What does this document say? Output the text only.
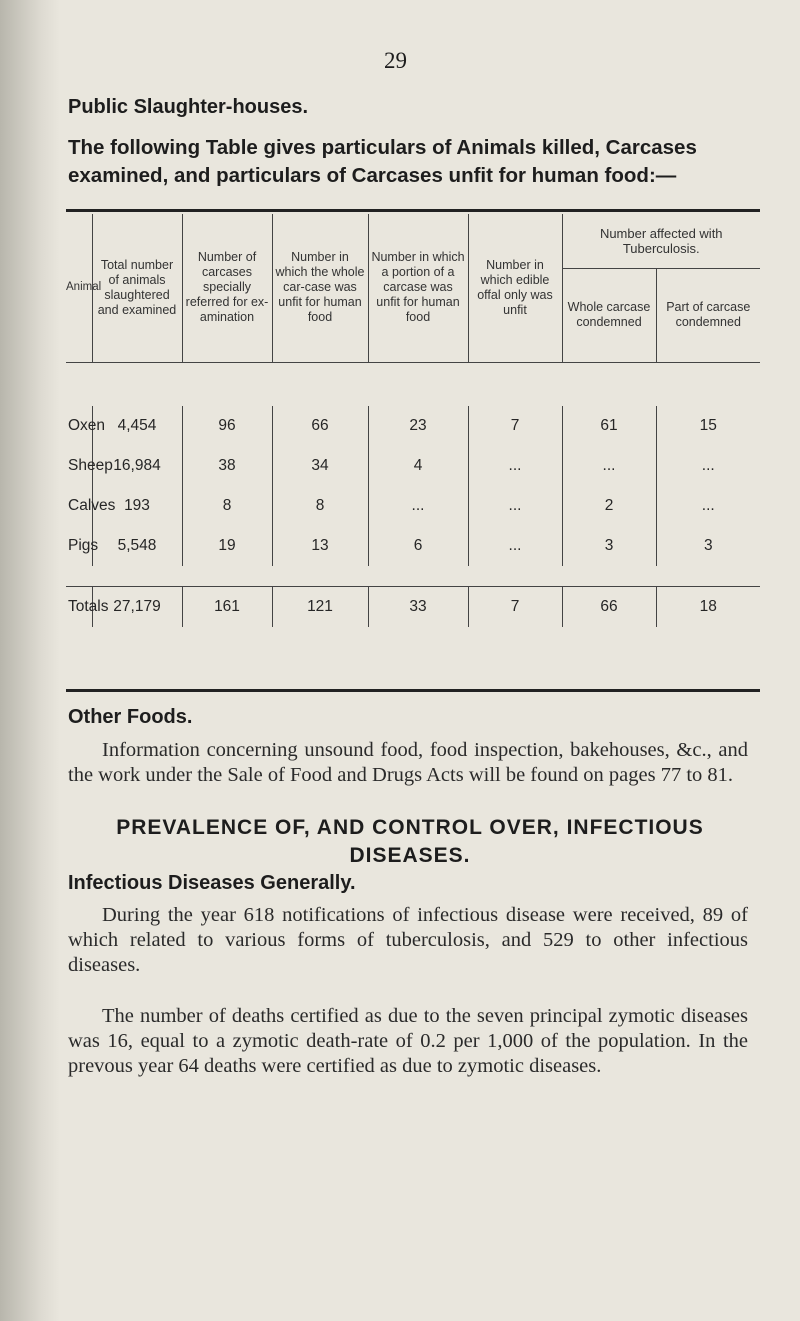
29
Public Slaughter-houses.
The following Table gives particulars of Animals killed, Carcases examined, and particulars of Carcases unfit for human food:—
Animal	Total number of animals slaughtered and examined	Number of carcases specially referred for ex-amination	Number in which the whole car-case was unfit for human food	Number in which a portion of a carcase was unfit for human food	Number in which edible offal only was unfit	Number affected with Tuberculosis.	
						Whole carcase condemned	Part of carcase condemned

Oxen	4,454	96	66	23	7	61	15
Sheep	16,984	38	34	4	...	...	...
Calves	193	8	8	...	...	2	...
Pigs	5,548	19	13	6	...	3	3

Totals	27,179	161	121	33	7	66	18
Other Foods.

Information concerning unsound food, food inspection, bakehouses, &c., and the work under the Sale of Food and Drugs Acts will be found on pages 77 to 81.

PREVALENCE OF, AND CONTROL OVER, INFECTIOUS DISEASES.
Infectious Diseases Generally.

During the year 618 notifications of infectious disease were received, 89 of which related to various forms of tuberculosis, and 529 to other infectious diseases.

The number of deaths certified as due to the seven principal zymotic diseases was 16, equal to a zymotic death-rate of 0.2 per 1,000 of the population. In the prevous year 64 deaths were certified as due to zymotic diseases.
